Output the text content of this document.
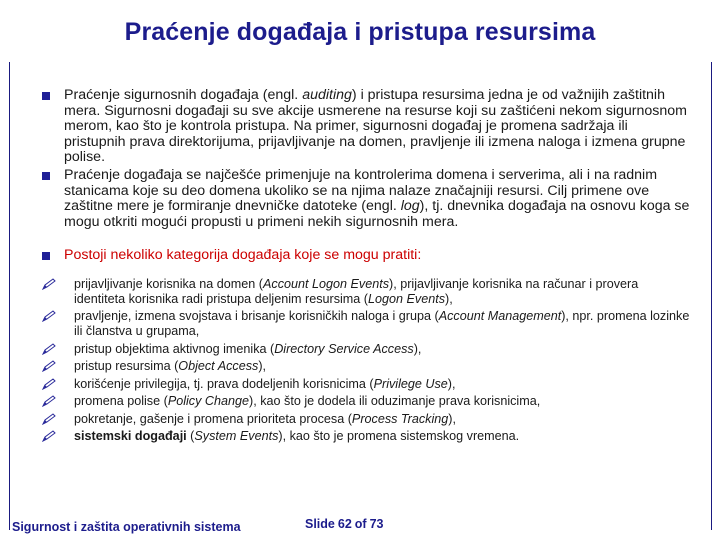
Praćenje događaja i pristupa resursima
Praćenje sigurnosnih događaja (engl. auditing) i pristupa resursima jedna je od važnijih zaštitnih mera. Sigurnosni događaji su sve akcije usmerene na resurse koji su zaštićeni nekom sigurnosnom merom, kao što je kontrola pristupa. Na primer, sigurnosni događaj je promena sadržaja ili pristupnih prava direktorijuma, prijavljivanje na domen, pravljenje ili izmena naloga i izmena grupne polise.
Praćenje događaja se najčešće primenjuje na kontrolerima domena i serverima, ali i na radnim stanicama koje su deo domena ukoliko se na njima nalaze značajniji resursi. Cilj primene ove zaštitne mere je formiranje dnevničke datoteke (engl. log), tj. dnevnika događaja na osnovu koga se mogu otkriti mogući propusti u primeni nekih sigurnosnih mera.
Postoji nekoliko kategorija događaja koje se mogu pratiti:
prijavljivanje korisnika na domen (Account Logon Events), prijavljivanje korisnika na računar i provera identiteta korisnika radi pristupa deljenim resursima (Logon Events),
pravljenje, izmena svojstava i brisanje korisničkih naloga i grupa (Account Management), npr. promena lozinke ili članstva u grupama,
pristup objektima aktivnog imenika (Directory Service Access),
pristup resursima (Object Access),
korišćenje privilegija, tj. prava dodeljenih korisnicima (Privilege Use),
promena polise (Policy Change), kao što je dodela ili oduzimanje prava korisnicima,
pokretanje, gašenje i promena prioriteta procesa (Process Tracking),
sistemski događaji (System Events), kao što je promena sistemskog vremena.
Sigurnost i zaštita operativnih sistema	Slide 62 of 73
